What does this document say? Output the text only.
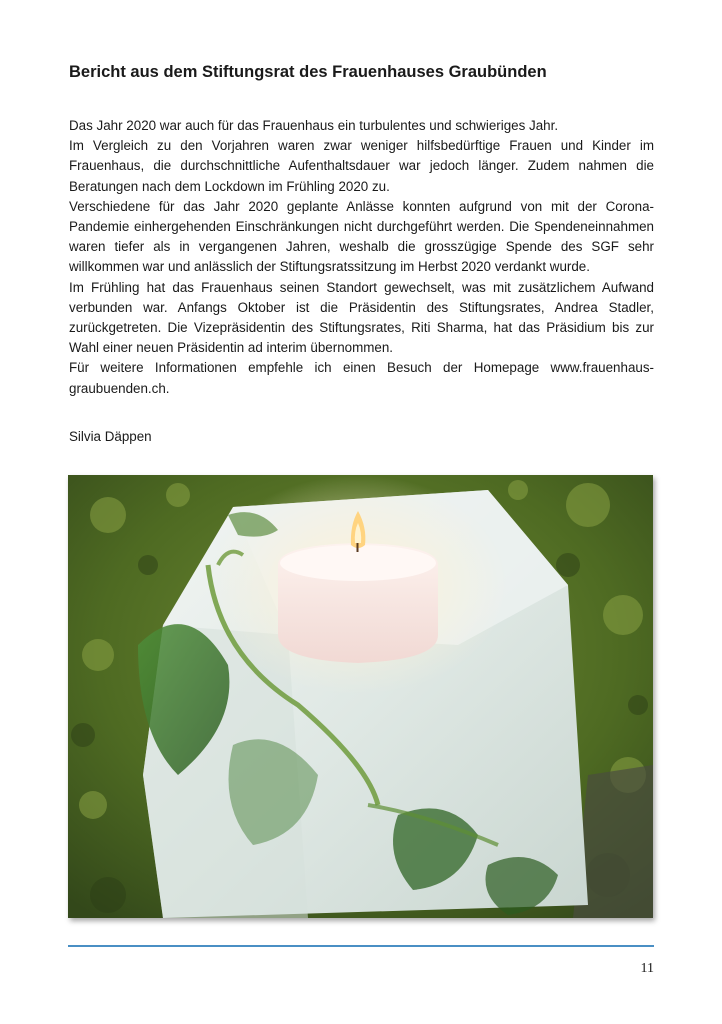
Bericht aus dem Stiftungsrat des Frauenhauses Graubünden

Das Jahr 2020 war auch für das Frauenhaus ein turbulentes und schwieriges Jahr.

Im Vergleich zu den Vorjahren waren zwar weniger hilfsbedürftige Frauen und Kinder im Frauenhaus, die durchschnittliche Aufenthaltsdauer war jedoch länger. Zudem nahmen die Beratungen nach dem Lockdown im Frühling 2020 zu.

Verschiedene für das Jahr 2020 geplante Anlässe konnten aufgrund von mit der Corona-Pandemie einhergehenden Einschränkungen nicht durchgeführt werden. Die Spendeneinnahmen waren tiefer als in vergangenen Jahren, weshalb die grosszügige Spende des SGF sehr willkommen war und anlässlich der Stiftungsratssitzung im Herbst 2020 verdankt wurde.

Im Frühling hat das Frauenhaus seinen Standort gewechselt, was mit zusätzlichem Aufwand verbunden war. Anfangs Oktober ist die Präsidentin des Stiftungsrates, Andrea Stadler, zurückgetreten. Die Vizepräsidentin des Stiftungsrates, Riti Sharma, hat das Präsidium bis zur Wahl einer neuen Präsidentin ad interim übernommen.

Für weitere Informationen empfehle ich einen Besuch der Homepage www.frauenhaus-graubuenden.ch.

Silvia Däppen
11
